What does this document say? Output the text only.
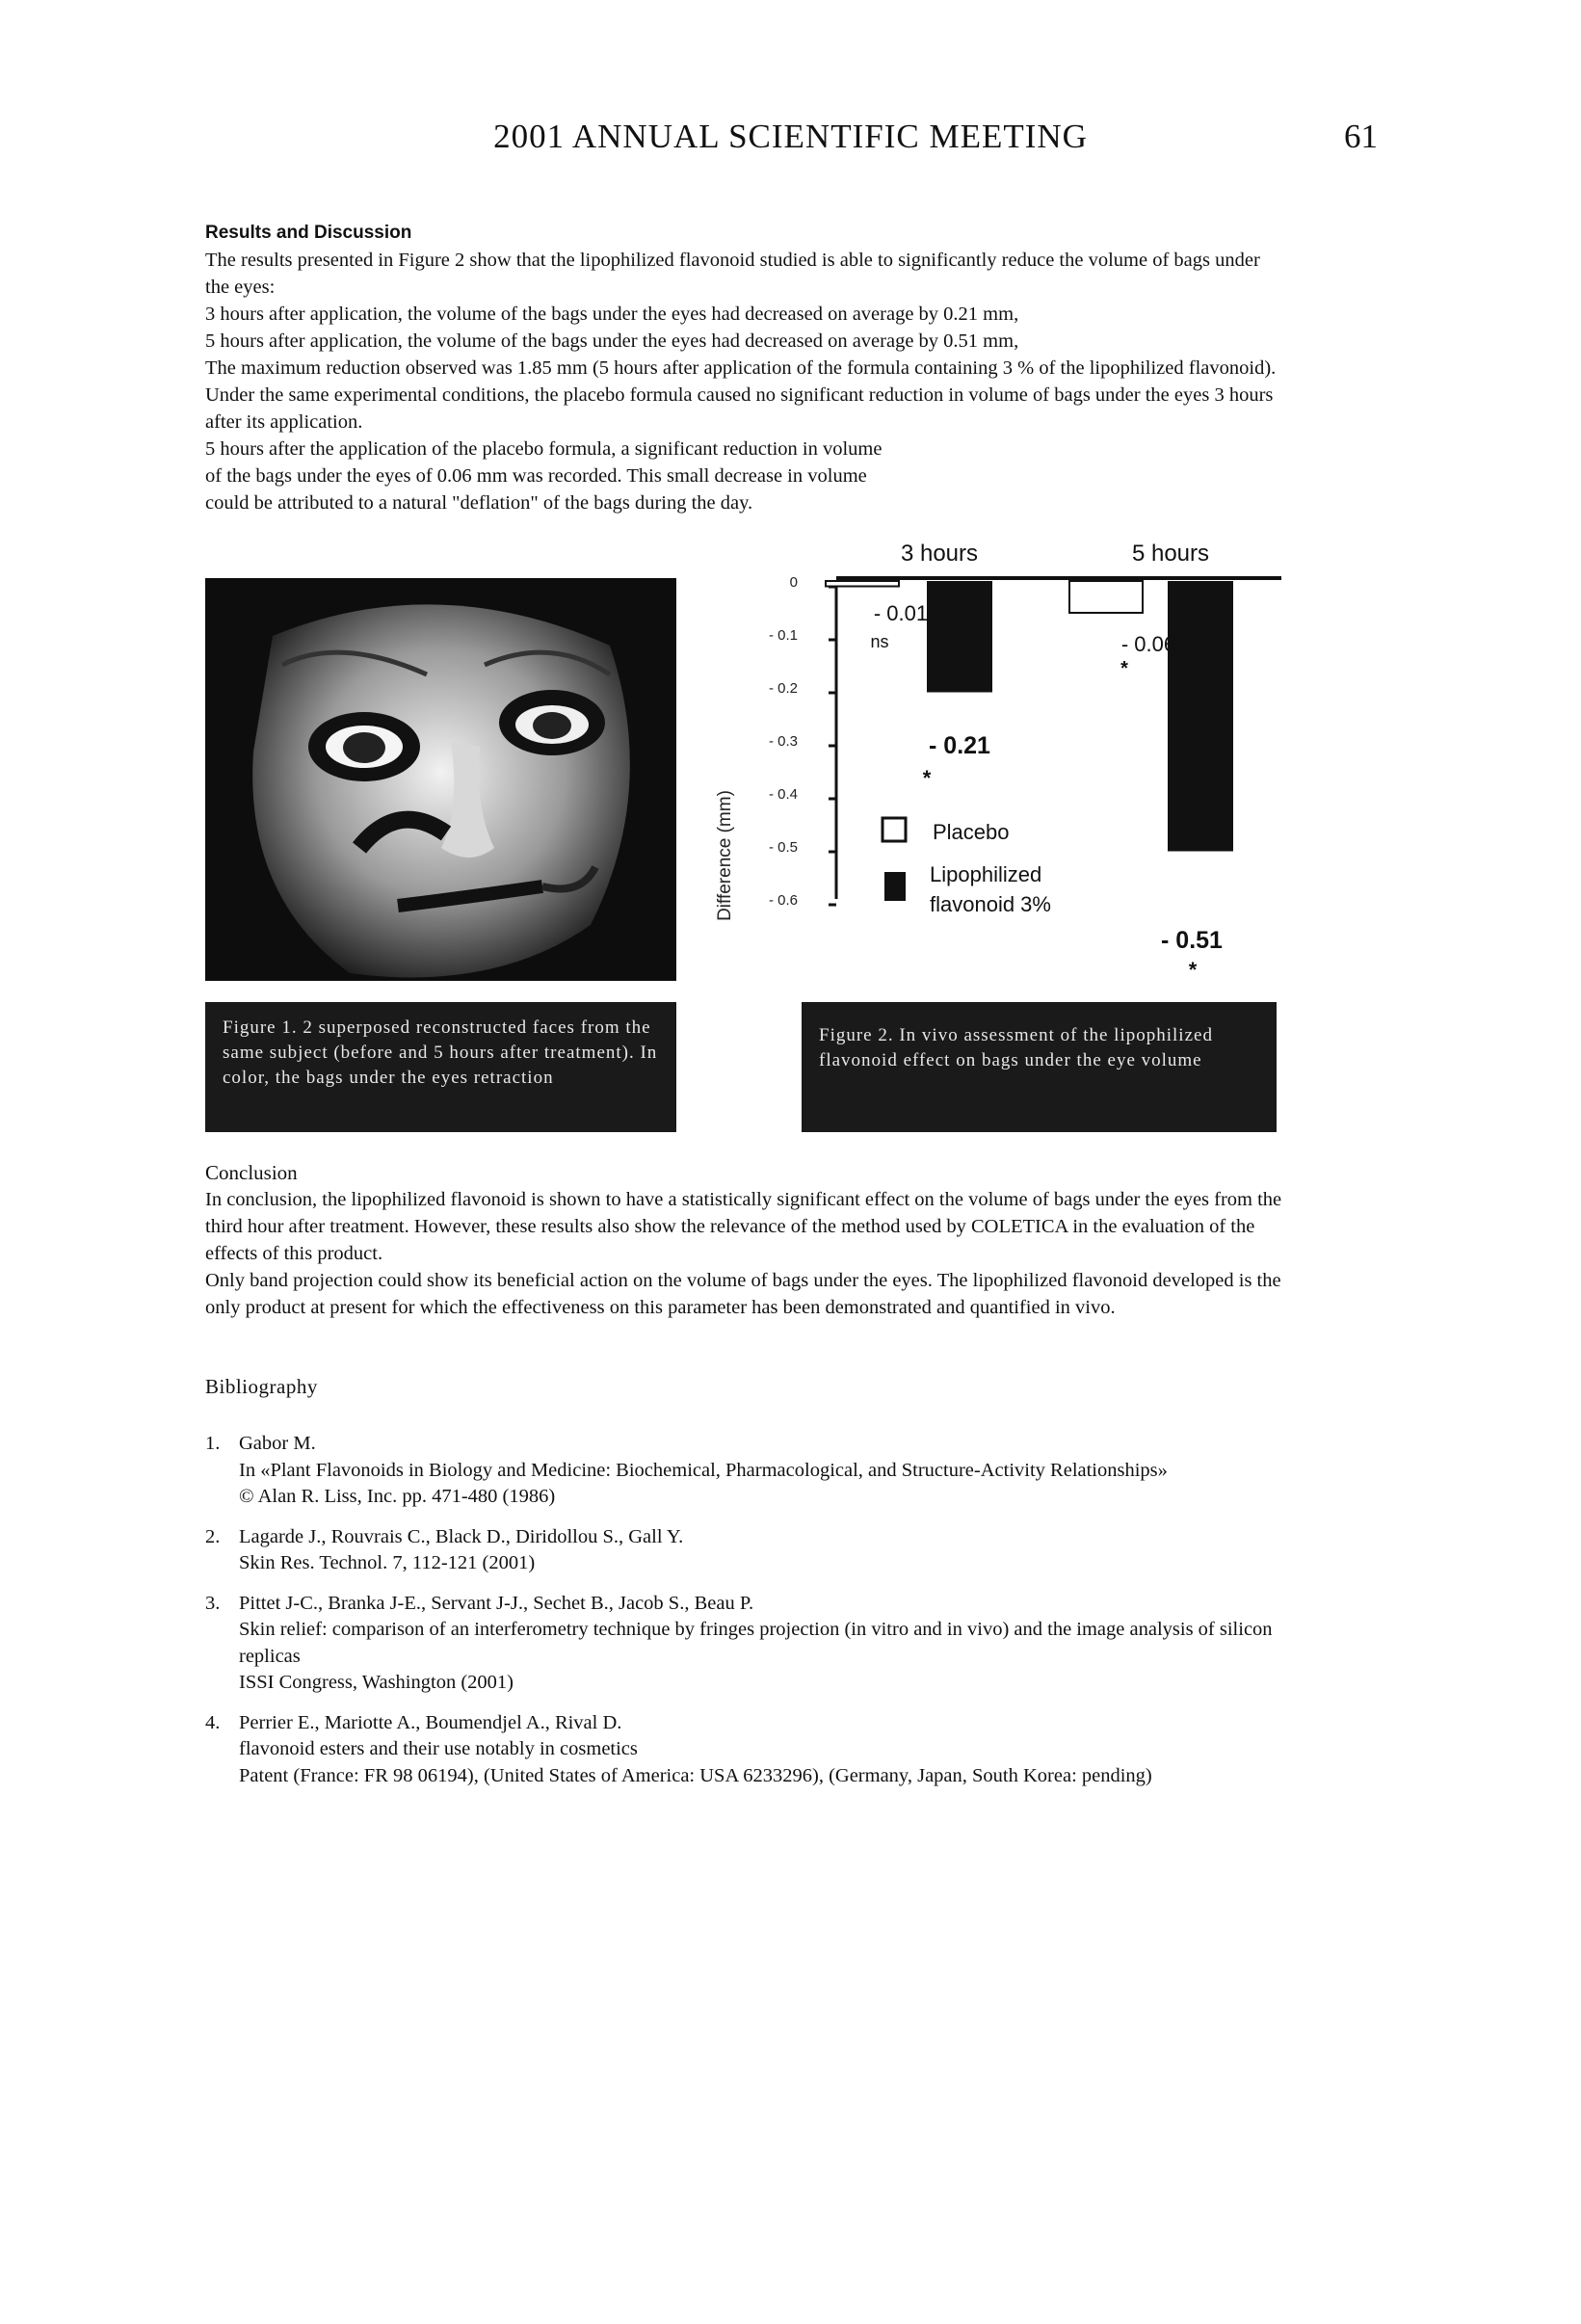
2001 ANNUAL SCIENTIFIC MEETING	61
Results and Discussion

The results presented in Figure 2 show that the lipophilized flavonoid studied is able to significantly reduce the volume of bags under the eyes:

3 hours after application, the volume of the bags under the eyes had decreased on average by 0.21 mm,

5 hours after application, the volume of the bags under the eyes had decreased on average by 0.51 mm,

The maximum reduction observed was 1.85 mm (5 hours after application of the formula containing 3 % of the lipophilized flavonoid).

Under the same experimental conditions, the placebo formula caused no significant reduction in volume of bags under the eyes 3 hours after its application.

5 hours after the application of the placebo formula, a significant reduction in volume of the bags under the eyes of 0.06 mm was recorded. This small decrease in volume could be attributed to a natural "deflation" of the bags during the day.

Figure 1. 2 superposed reconstructed faces from the same subject (before and 5 hours after treatment). In color, the bags under the eyes retraction
Figure 2. In vivo assessment of the lipophilized flavonoid effect on bags under the eye volume
Difference (mm)
3 hours	5 hours
Placebo
Lipophilized
flavonoid 3%
0
- 0.1
- 0.2
- 0.3
- 0.4
- 0.5
- 0.6
- 0.01
ns	- 0.06
*
- 0.21
*
- 0.51
*
Conclusion

In conclusion, the lipophilized flavonoid is shown to have a statistically significant effect on the volume of bags under the eyes from the third hour after treatment. However, these results also show the relevance of the method used by COLETICA in the evaluation of the effects of this product.

Only band projection could show its beneficial action on the volume of bags under the eyes. The lipophilized flavonoid developed is the only product at present for which the effectiveness on this parameter has been demonstrated and quantified in vivo.

Bibliography
1. Gabor M.

In «Plant Flavonoids in Biology and Medicine: Biochemical, Pharmacological, and Structure-Activity Relationships»

© Alan R. Liss, Inc. pp. 471-480 (1986)

2. Lagarde J., Rouvrais C., Black D., Diridollou S., Gall Y.

Skin Res. Technol. 7, 112-121 (2001)

3. Pittet J-C., Branka J-E., Servant J-J., Sechet B., Jacob S., Beau P.

Skin relief: comparison of an interferometry technique by fringes projection (in vitro and in vivo) and the image analysis of silicon replicas

ISSI Congress, Washington (2001)

4. Perrier E., Mariotte A., Boumendjel A., Rival D.

flavonoid esters and their use notably in cosmetics

Patent (France: FR 98 06194), (United States of America: USA 6233296), (Germany, Japan, South Korea: pending)
